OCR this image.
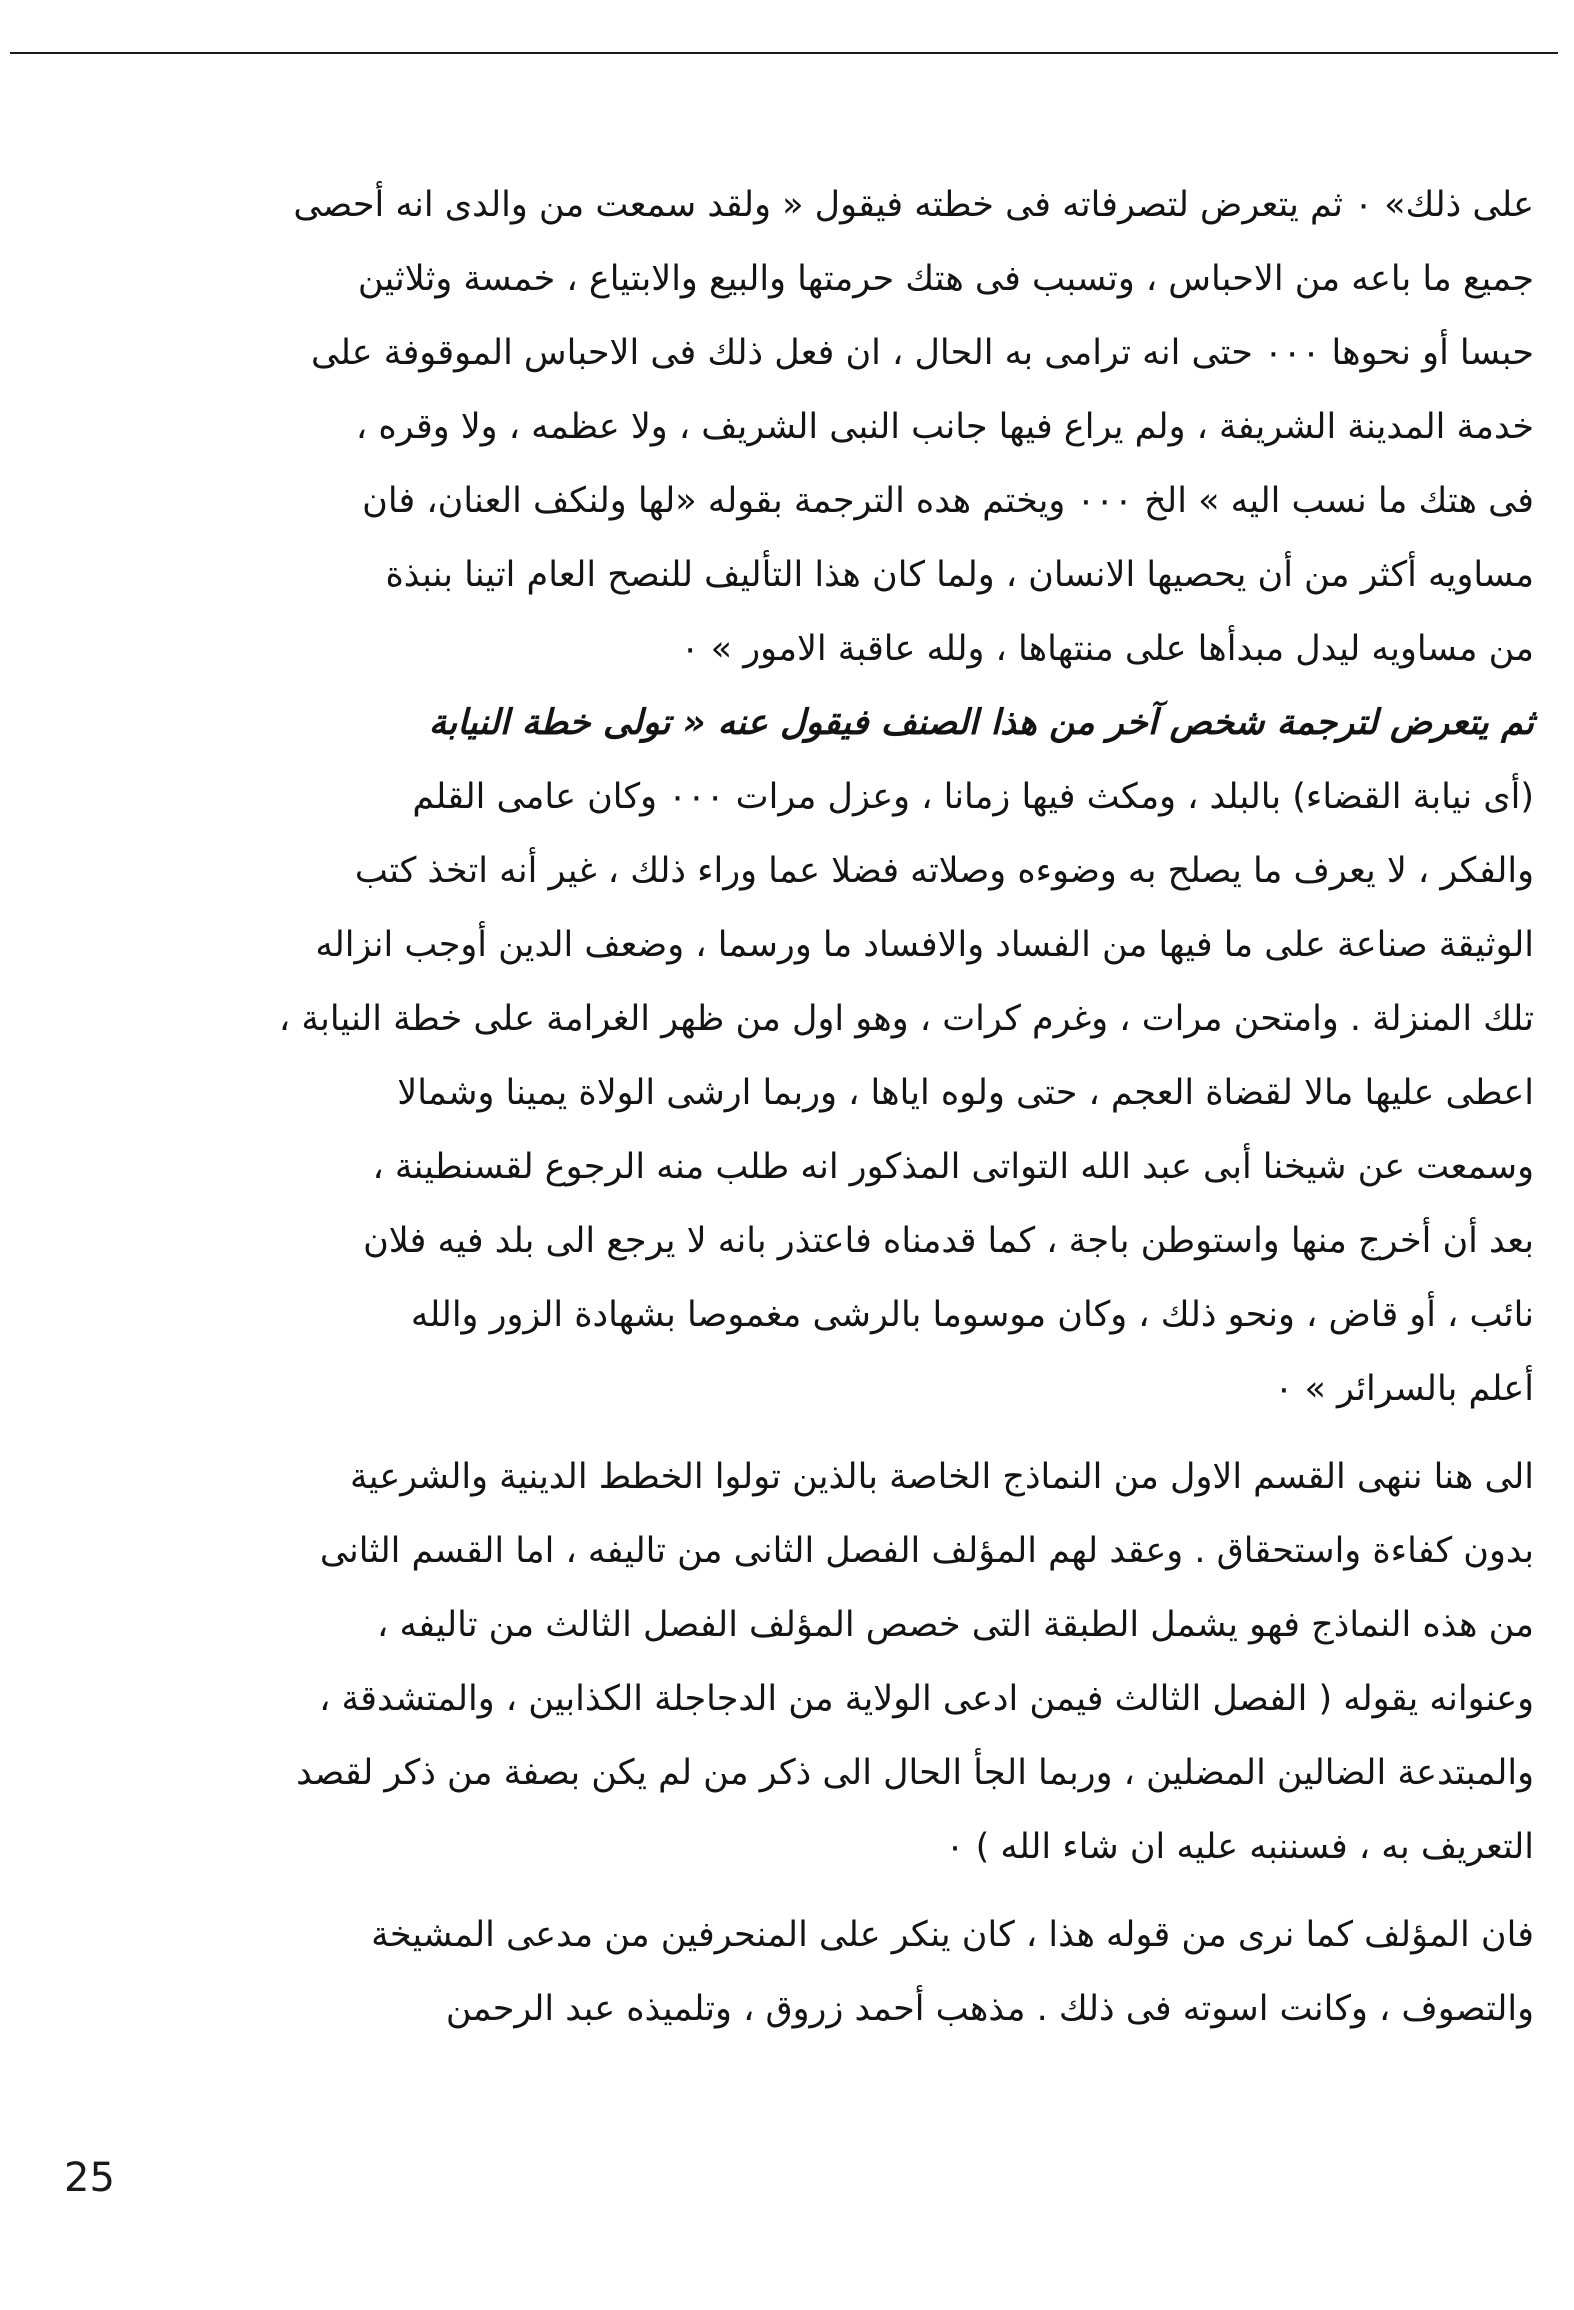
على ذلك» ٠ ثم يتعرض لتصرفاته فى خطته فيقول « ولقد سمعت من والدى انه أحصى
جميع ما باعه من الاحباس ، وتسبب فى هتك حرمتها والبيع والابتياع ، خمسة وثلاثين
حبسا أو نحوها ٠٠٠ حتى انه ترامى به الحال ، ان فعل ذلك فى الاحباس الموقوفة على
خدمة المدينة الشريفة ، ولم يراع فيها جانب النبى الشريف ، ولا عظمه ، ولا وقره ،
فى هتك ما نسب اليه » الخ ٠٠٠ ويختم هده الترجمة بقوله «لها ولنكف العنان، فان
مساويه أكثر من أن يحصيها الانسان ، ولما كان هذا التأليف للنصح العام اتينا بنبذة
من مساويه ليدل مبدأها على منتهاها ، ولله عاقبة الامور » ٠

ثم يتعرض لترجمة شخص آخر من هذا الصنف فيقول عنه « تولى خطة النيابة

(أى نيابة القضاء) بالبلد ، ومكث فيها زمانا ، وعزل مرات ٠٠٠ وكان عامى القلم
والفكر ، لا يعرف ما يصلح به وضوءه وصلاته فضلا عما وراء ذلك ، غير أنه اتخذ كتب
الوثيقة صناعة على ما فيها من الفساد والافساد ما ورسما ، وضعف الدين أوجب انزاله
تلك المنزلة . وامتحن مرات ، وغرم كرات ، وهو اول من ظهر الغرامة على خطة النيابة ،
اعطى عليها مالا لقضاة العجم ، حتى ولوه اياها ، وربما ارشى الولاة يمينا وشمالا
وسمعت عن شيخنا أبى عبد الله التواتى المذكور انه طلب منه الرجوع لقسنطينة ،
بعد أن أخرج منها واستوطن باجة ، كما قدمناه فاعتذر بانه لا يرجع الى بلد فيه فلان
نائب ، أو قاض ، ونحو ذلك ، وكان موسوما بالرشى مغموصا بشهادة الزور والله
أعلم بالسرائر » ٠

الى هنا ننهى القسم الاول من النماذج الخاصة بالذين تولوا الخطط الدينية والشرعية
بدون كفاءة واستحقاق . وعقد لهم المؤلف الفصل الثانى من تاليفه ، اما القسم الثانى
من هذه النماذج فهو يشمل الطبقة التى خصص المؤلف الفصل الثالث من تاليفه ،
وعنوانه يقوله ( الفصل الثالث فيمن ادعى الولاية من الدجاجلة الكذابين ، والمتشدقة ،
والمبتدعة الضالين المضلين ، وربما الجأ الحال الى ذكر من لم يكن بصفة من ذكر لقصد
التعريف به ، فسننبه عليه ان شاء الله ) ٠

فان المؤلف كما نرى من قوله هذا ، كان ينكر على المنحرفين من مدعى المشيخة
والتصوف ، وكانت اسوته فى ذلك . مذهب أحمد زروق ، وتلميذه عبد الرحمن

25
